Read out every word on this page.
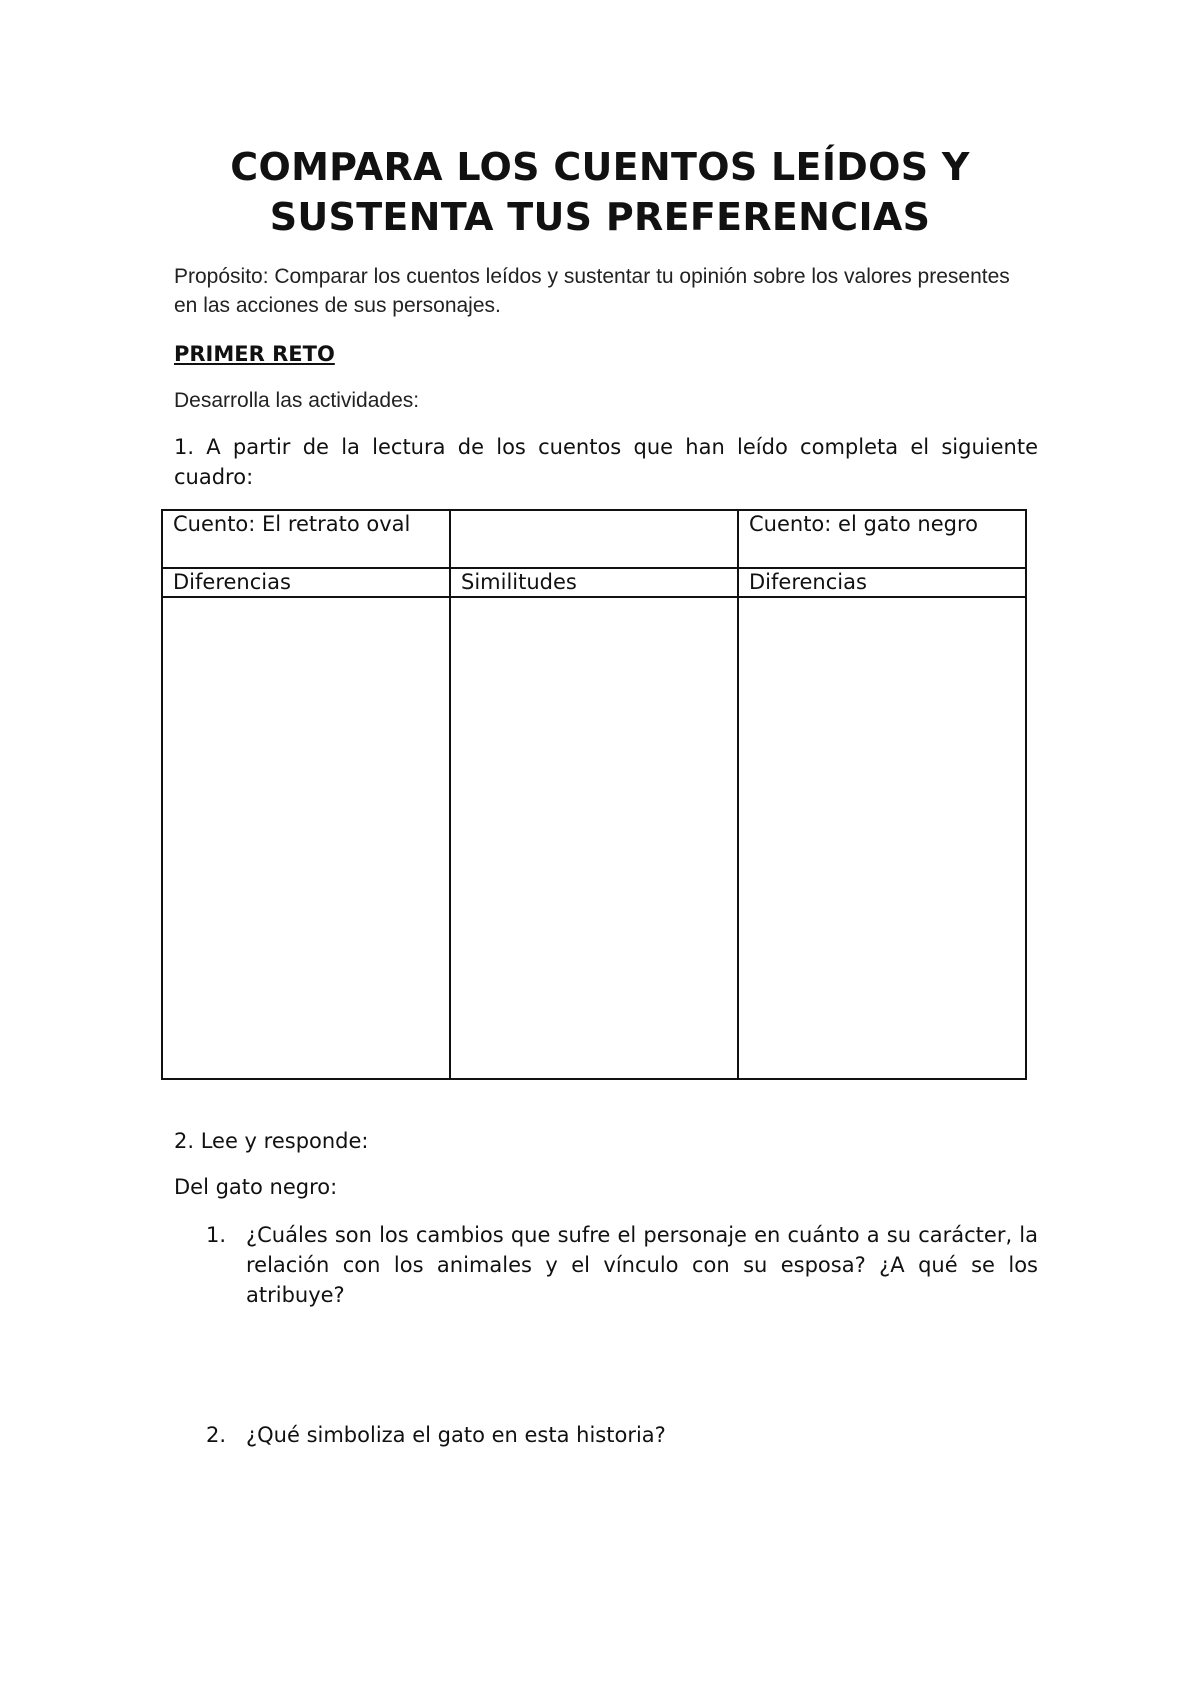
COMPARA LOS CUENTOS LEÍDOS Y
SUSTENTA TUS PREFERENCIAS

Propósito: Comparar los cuentos leídos y sustentar tu opinión sobre los valores presentes en las acciones de sus personajes.

PRIMER RETO

Desarrolla las actividades:

1. A partir de la lectura de los cuentos que han leído completa el siguiente cuadro:

Cuento: El retrato oval		Cuento: el gato negro
Diferencias	Similitudes	Diferencias

2. Lee y responde:

Del gato negro:

1. ¿Cuáles son los cambios que sufre el personaje en cuánto a su carácter, la relación con los animales y el vínculo con su esposa? ¿A qué se los atribuye?
2. ¿Qué simboliza el gato en esta historia?
